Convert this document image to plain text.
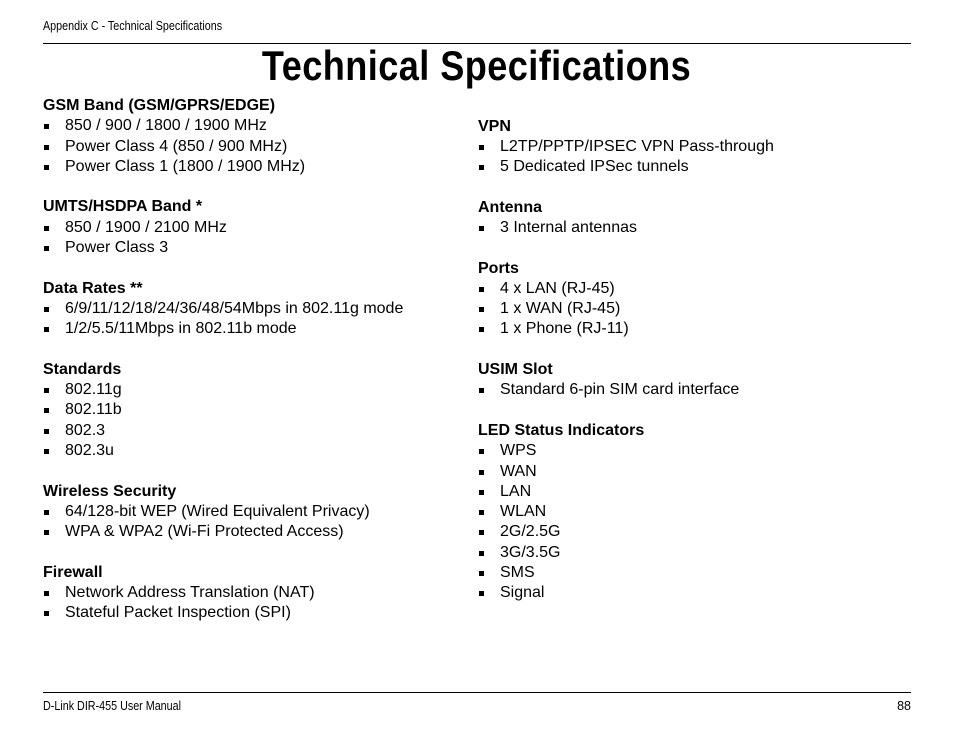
Appendix C - Technical Specifications
Technical Specifications
GSM Band (GSM/GPRS/EDGE)
850 / 900 / 1800 / 1900 MHz
Power Class 4 (850 / 900 MHz)
Power Class 1 (1800 / 1900 MHz)
UMTS/HSDPA Band *
850 / 1900 / 2100 MHz
Power Class 3
Data Rates **
6/9/11/12/18/24/36/48/54Mbps in 802.11g mode
1/2/5.5/11Mbps in 802.11b mode
Standards
802.11g
802.11b
802.3
802.3u
Wireless Security
64/128-bit WEP (Wired Equivalent Privacy)
WPA & WPA2 (Wi-Fi Protected Access)
Firewall
Network Address Translation (NAT)
Stateful Packet Inspection (SPI)
VPN
L2TP/PPTP/IPSEC VPN Pass-through
5 Dedicated IPSec tunnels
Antenna
3 Internal antennas
Ports
4 x LAN (RJ-45)
1 x WAN (RJ-45)
1 x Phone (RJ-11)
USIM Slot
Standard 6-pin SIM card interface
LED Status Indicators
WPS
WAN
LAN
WLAN
2G/2.5G
3G/3.5G
SMS
Signal
D-Link DIR-455 User Manual	88
